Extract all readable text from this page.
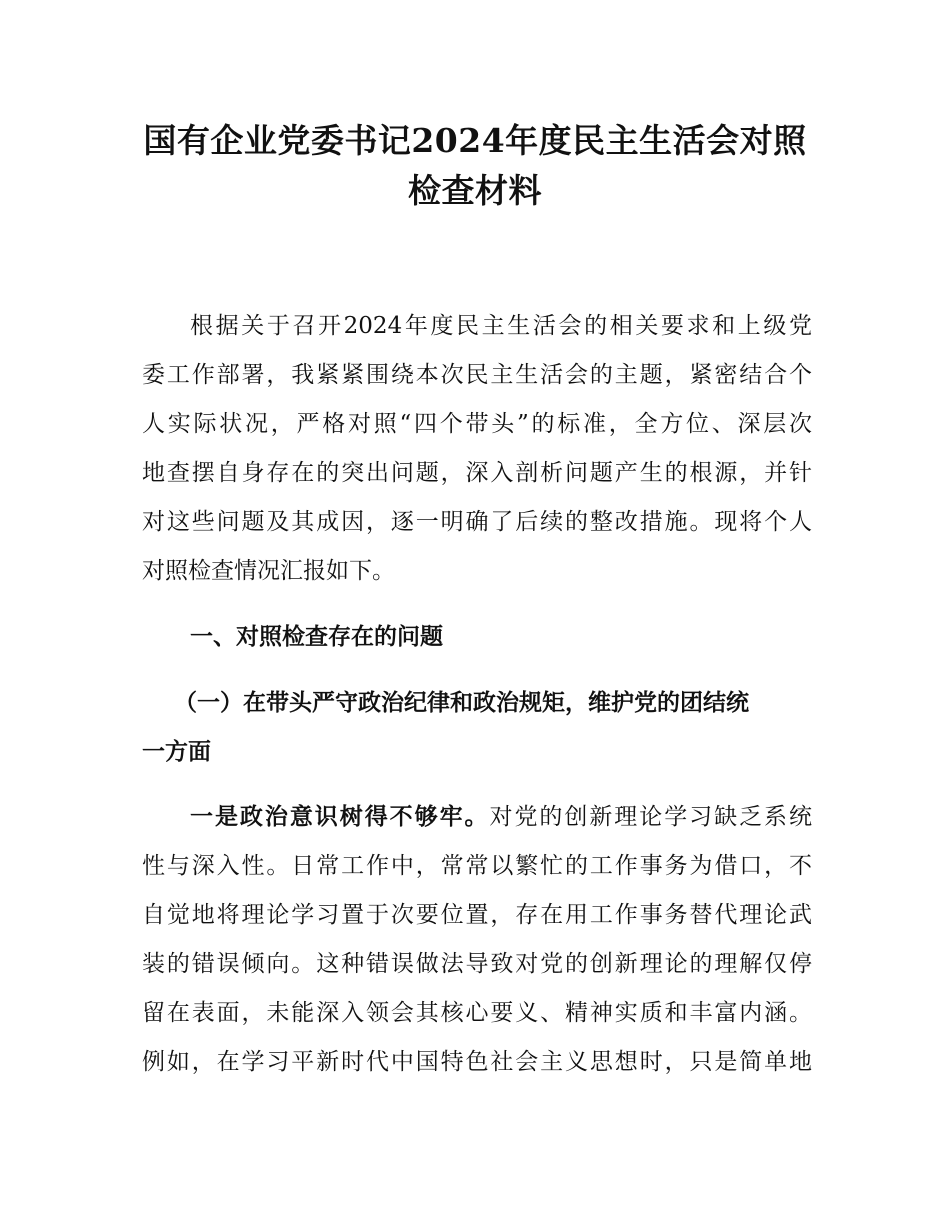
国有企业党委书记2024年度民主生活会对照
检查材料
根据关于召开2024年度民主生活会的相关要求和上级党
委工作部署，我紧紧围绕本次民主生活会的主题，紧密结合个
人实际状况，严格对照“四个带头”的标准，全方位、深层次
地查摆自身存在的突出问题，深入剖析问题产生的根源，并针
对这些问题及其成因，逐一明确了后续的整改措施。现将个人
对照检查情况汇报如下。
一、对照检查存在的问题
（一）在带头严守政治纪律和政治规矩，维护党的团结统
一方面
一是政治意识树得不够牢。对党的创新理论学习缺乏系统
性与深入性。日常工作中，常常以繁忙的工作事务为借口，不
自觉地将理论学习置于次要位置，存在用工作事务替代理论武
装的错误倾向。这种错误做法导致对党的创新理论的理解仅停
留在表面，未能深入领会其核心要义、精神实质和丰富内涵。
例如，在学习平新时代中国特色社会主义思想时，只是简单地
